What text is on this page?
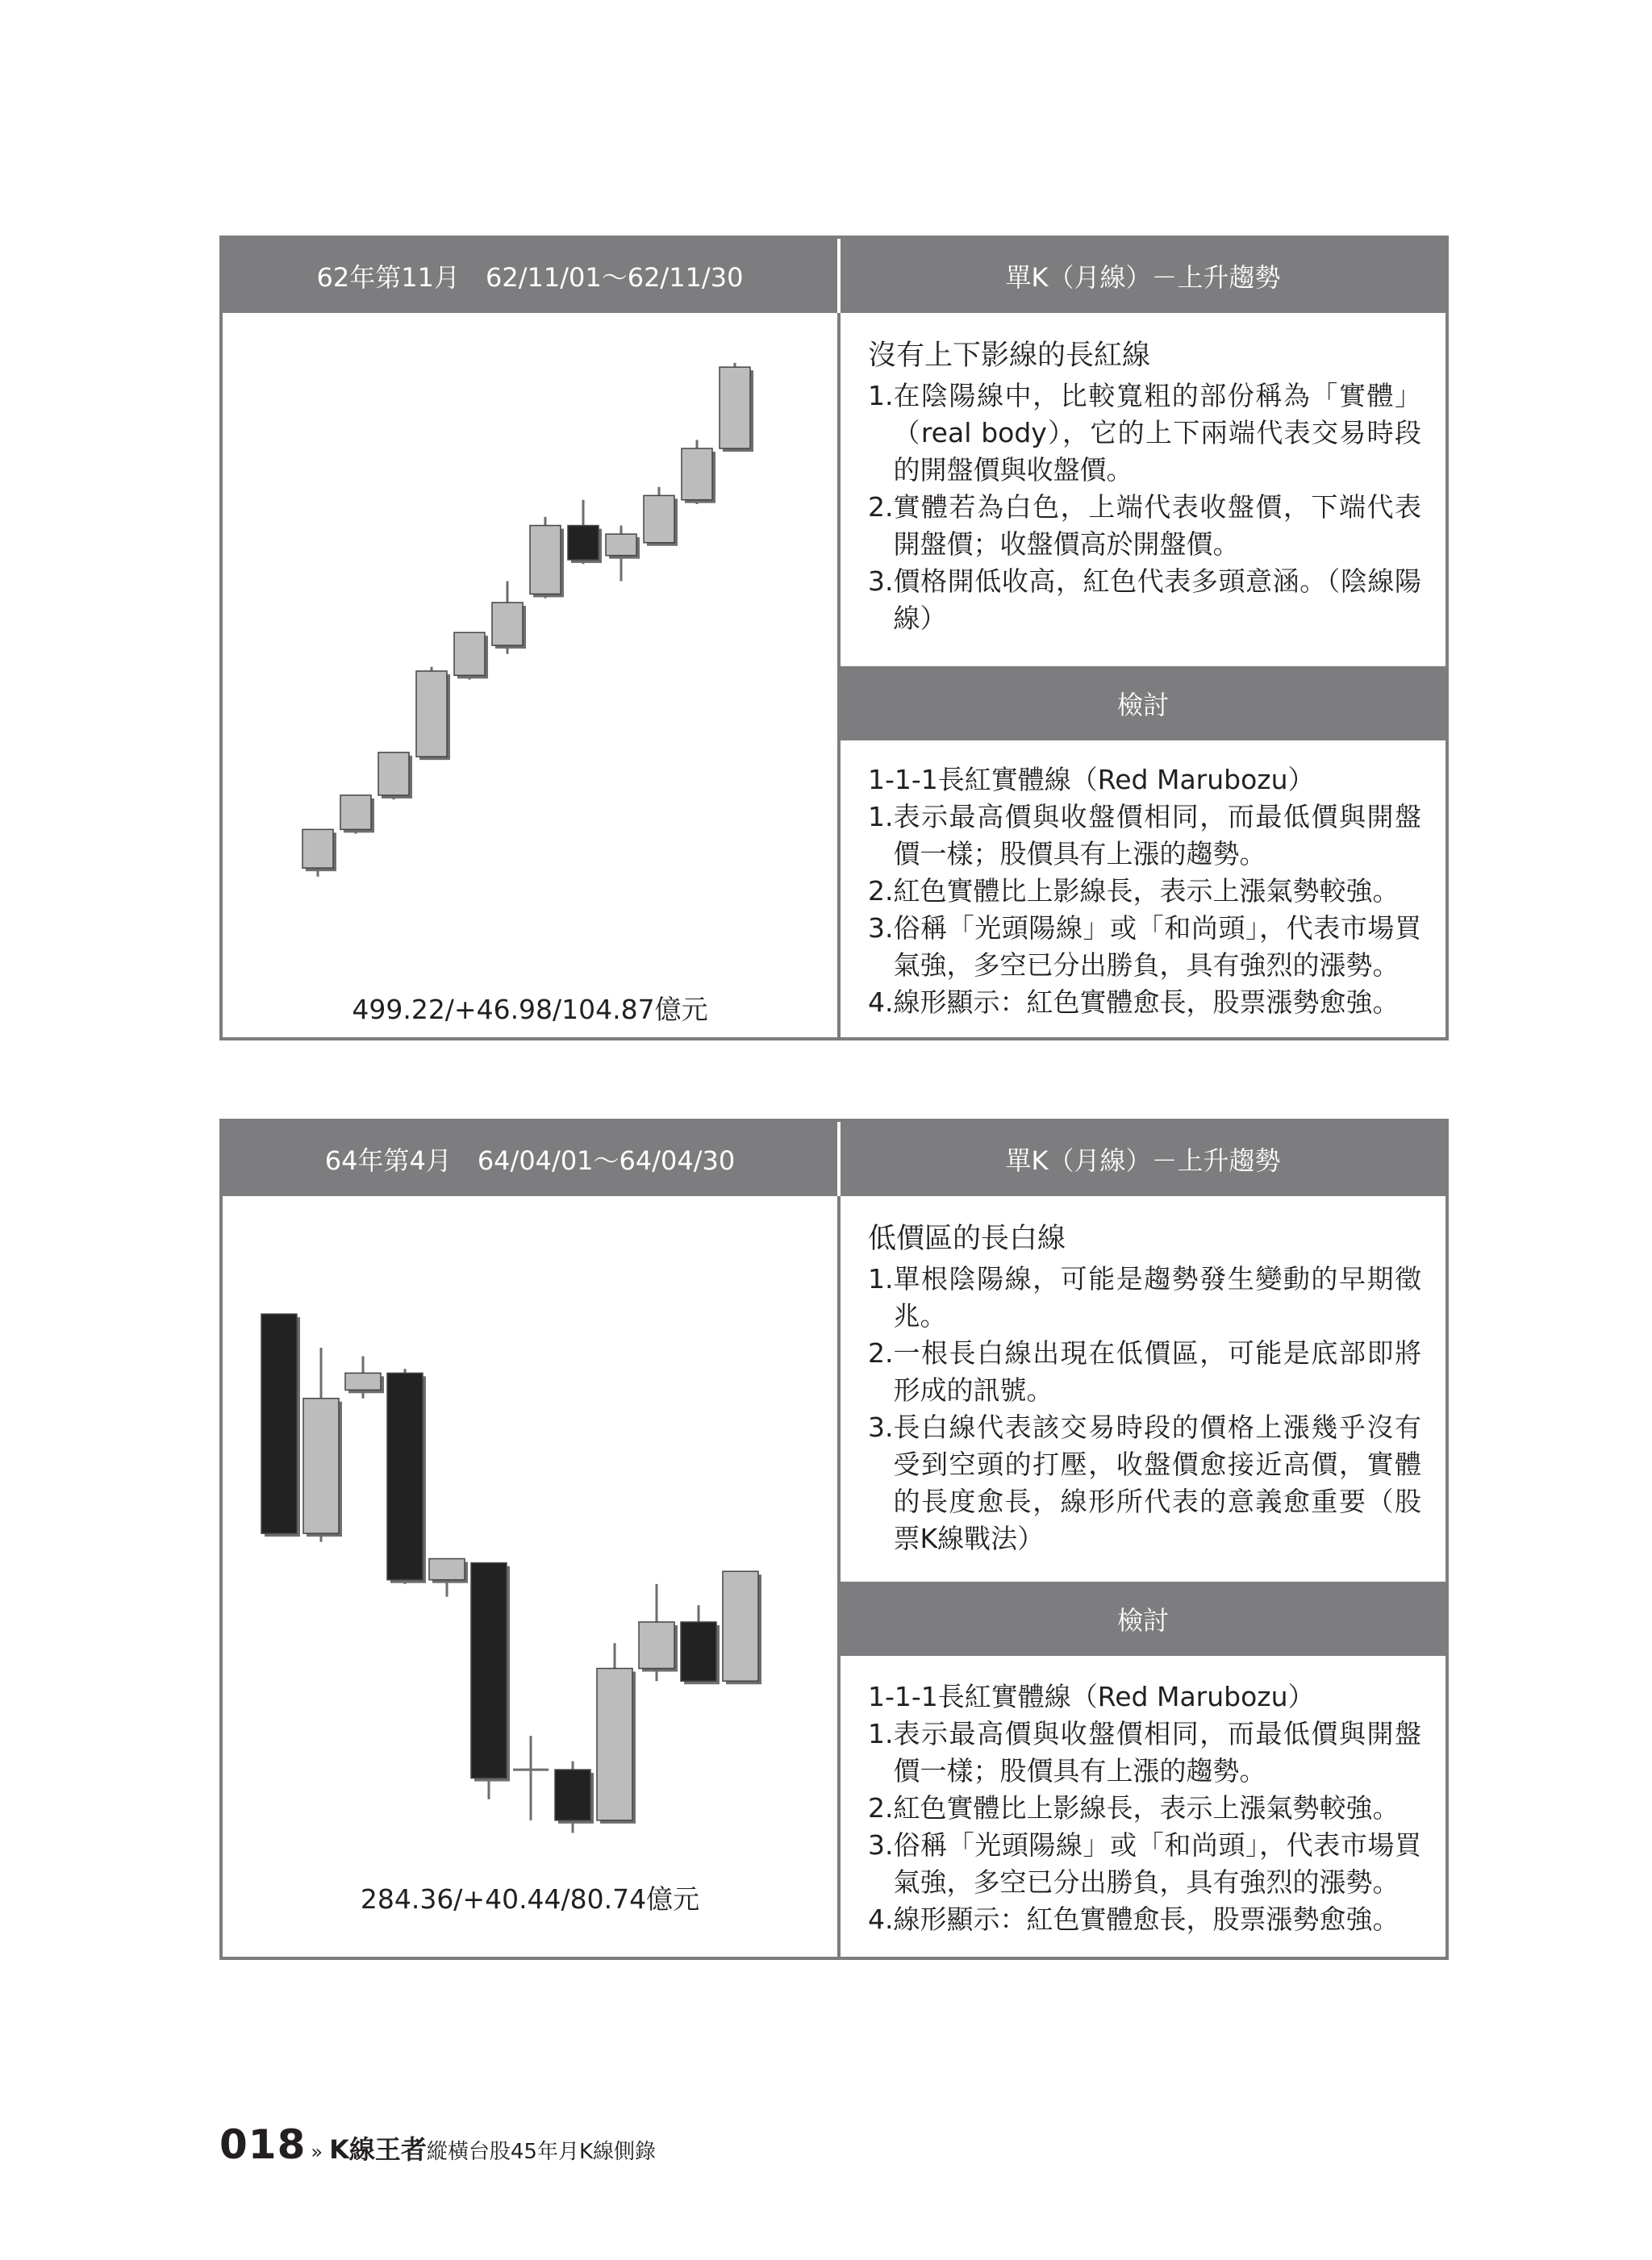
62年第11月　62/11/01～62/11/30	單K（月線）－上升趨勢
499.22/+46.98/104.87億元
沒有上下影線的長紅線
1. 在陰陽線中，比較寬粗的部份稱為「實體」（real body），它的上下兩端代表交易時段的開盤價與收盤價。
2. 實體若為白色，上端代表收盤價，下端代表開盤價；收盤價高於開盤價。
3. 價格開低收高，紅色代表多頭意涵。（陰線陽線）
檢討
1-1-1長紅實體線（Red Marubozu）
1. 表示最高價與收盤價相同，而最低價與開盤價一樣；股價具有上漲的趨勢。
2. 紅色實體比上影線長，表示上漲氣勢較強。
3. 俗稱「光頭陽線」或「和尚頭」，代表市場買氣強，多空已分出勝負，具有強烈的漲勢。
4. 線形顯示：紅色實體愈長，股票漲勢愈強。
64年第4月　64/04/01～64/04/30	單K（月線）－上升趨勢
284.36/+40.44/80.74億元
低價區的長白線
1. 單根陰陽線，可能是趨勢發生變動的早期徵兆。
2. 一根長白線出現在低價區，可能是底部即將形成的訊號。
3. 長白線代表該交易時段的價格上漲幾乎沒有受到空頭的打壓，收盤價愈接近高價，實體的長度愈長，線形所代表的意義愈重要（股票K線戰法）
檢討
1-1-1長紅實體線（Red Marubozu）
1. 表示最高價與收盤價相同，而最低價與開盤價一樣；股價具有上漲的趨勢。
2. 紅色實體比上影線長，表示上漲氣勢較強。
3. 俗稱「光頭陽線」或「和尚頭」，代表市場買氣強，多空已分出勝負，具有強烈的漲勢。
4. 線形顯示：紅色實體愈長，股票漲勢愈強。
018 » K線王者 縱橫台股45年月K線側錄
